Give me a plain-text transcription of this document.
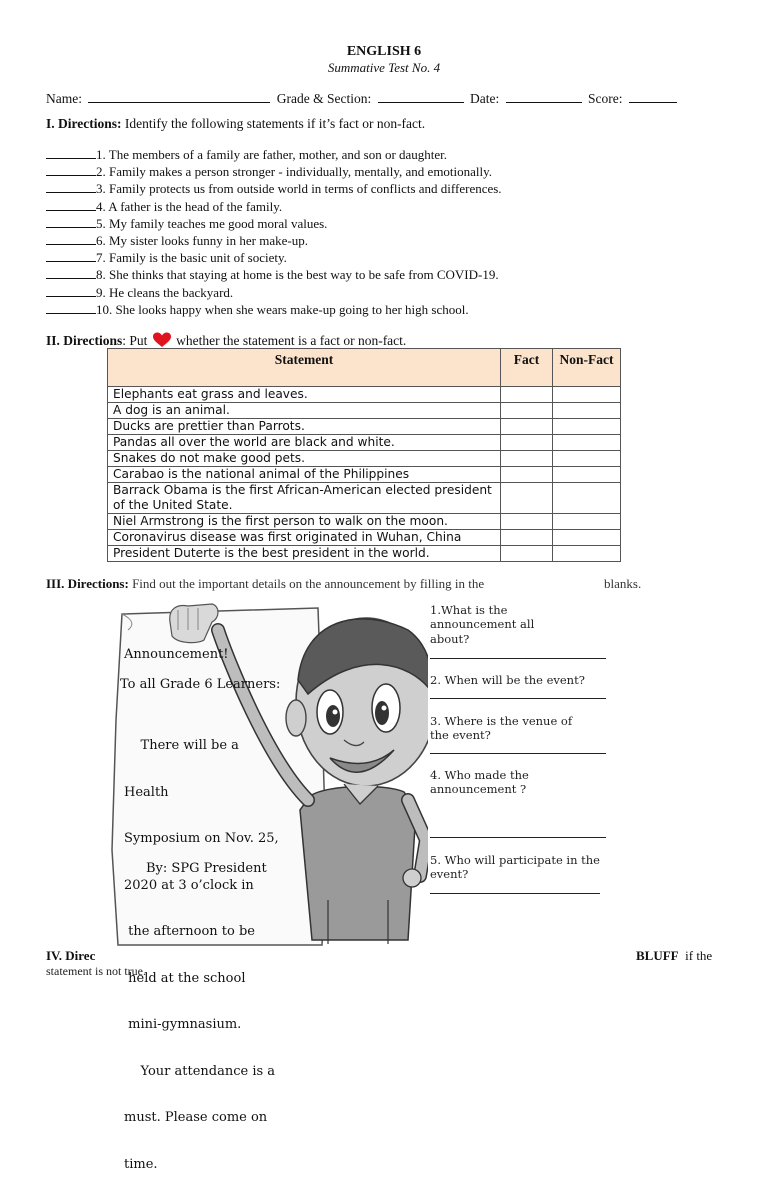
ENGLISH 6
Summative Test No. 4
Name:	Grade & Section:	Date:	Score:
I. Directions: Identify the following statements if it’s fact or non-fact.
1. The members of a family are father, mother, and son or daughter.
2. Family makes a person stronger - individually, mentally, and emotionally.
3. Family protects us from outside world in terms of conflicts and differences.
4. A father is the head of the family.
5. My family teaches me good moral values.
6. My sister looks funny in her make-up.
7. Family is the basic unit of society.
8. She thinks that staying at home is the best way to be safe from COVID-19.
9. He cleans the backyard.
10. She looks happy when she wears make-up going to her high school.
II. Directions: Put whether the statement is a fact or non-fact.
Statement	Fact	Non-Fact
Elephants eat grass and leaves.		
A dog is an animal.		
Ducks are prettier than Parrots.		
Pandas all over the world are black and white.		
Snakes do not make good pets.		
Carabao is the national animal of the Philippines		
Barrack Obama is the first African-American elected president of the United State.		
Niel Armstrong is the first person to walk on the moon.		
Coronavirus disease was first originated in Wuhan, China		
President Duterte is the best president in the world.		
III. Directions: Find out the important details on the announcement by filling in the	blanks.
Announcement!
To all Grade 6 Learners:

There will be a

Health

Symposium on Nov. 25,

2020 at 3 o’clock in

the afternoon to be

held at the school

mini-gymnasium.

Your attendance is a

must. Please come on

time.

By: SPG President
1.What is the announcement all about?
2. When will be the event?
3. Where is the venue of the event?
4. Who made the announcement ?
5. Who will participate in the event?
IV. Direc	BLUFF if the
statement is not true.
